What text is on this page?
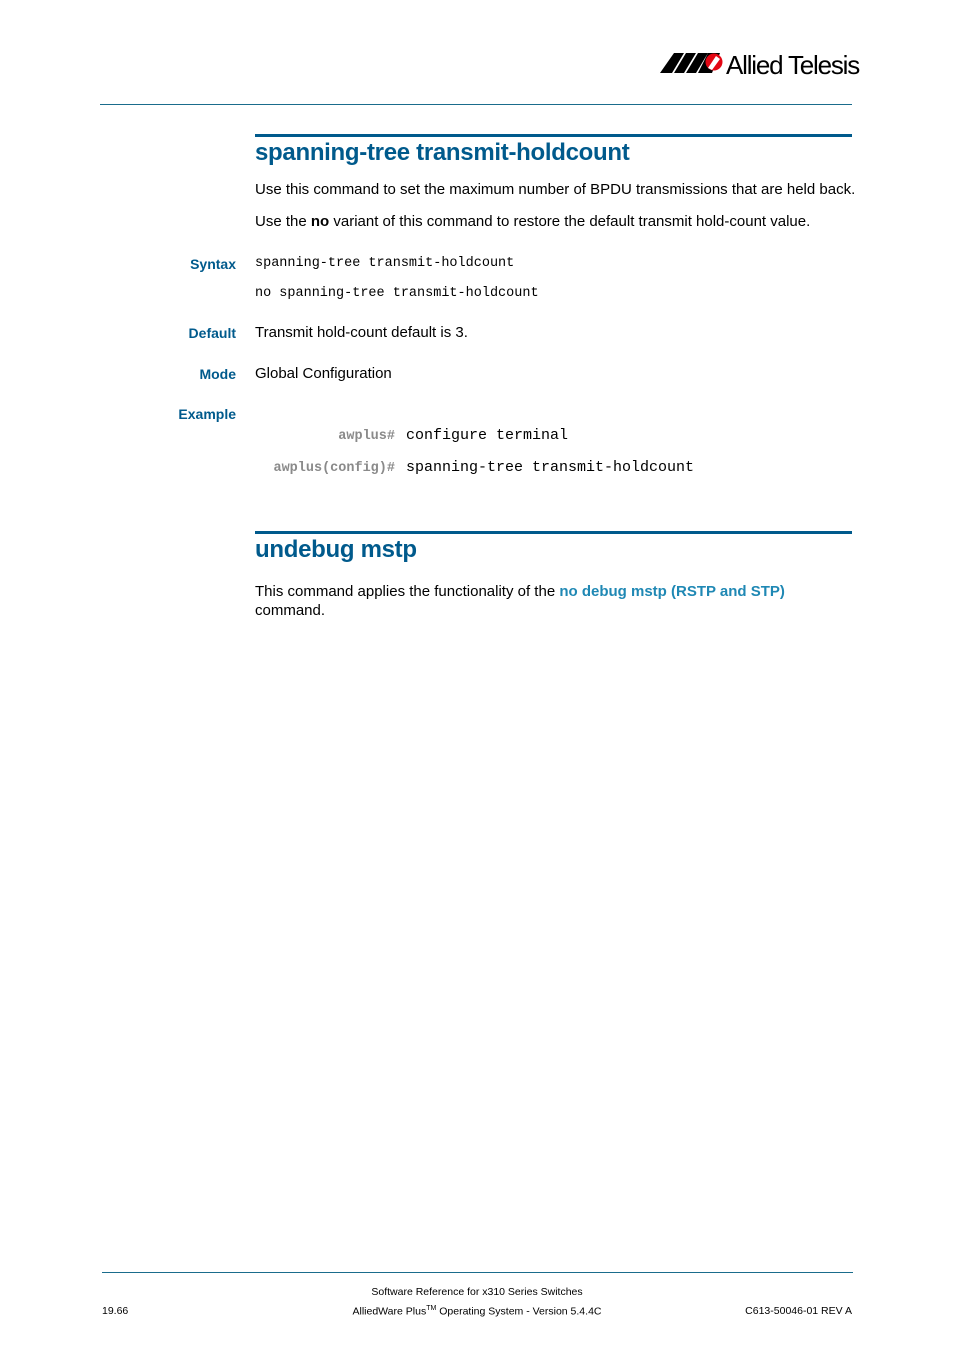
Allied Telesis
spanning-tree transmit-holdcount
Use this command to set the maximum number of BPDU transmissions that are held back.
Use the no variant of this command to restore the default transmit hold-count value.
Syntax spanning-tree transmit-holdcount
no spanning-tree transmit-holdcount
Default Transmit hold-count default is 3.
Mode Global Configuration
Example
awplus# configure terminal
awplus(config)# spanning-tree transmit-holdcount
undebug mstp
This command applies the functionality of the no debug mstp (RSTP and STP)
command.
Software Reference for x310 Series Switches
AlliedWare Plus™ Operating System - Version 5.4.4C
19.66	C613-50046-01 REV A
